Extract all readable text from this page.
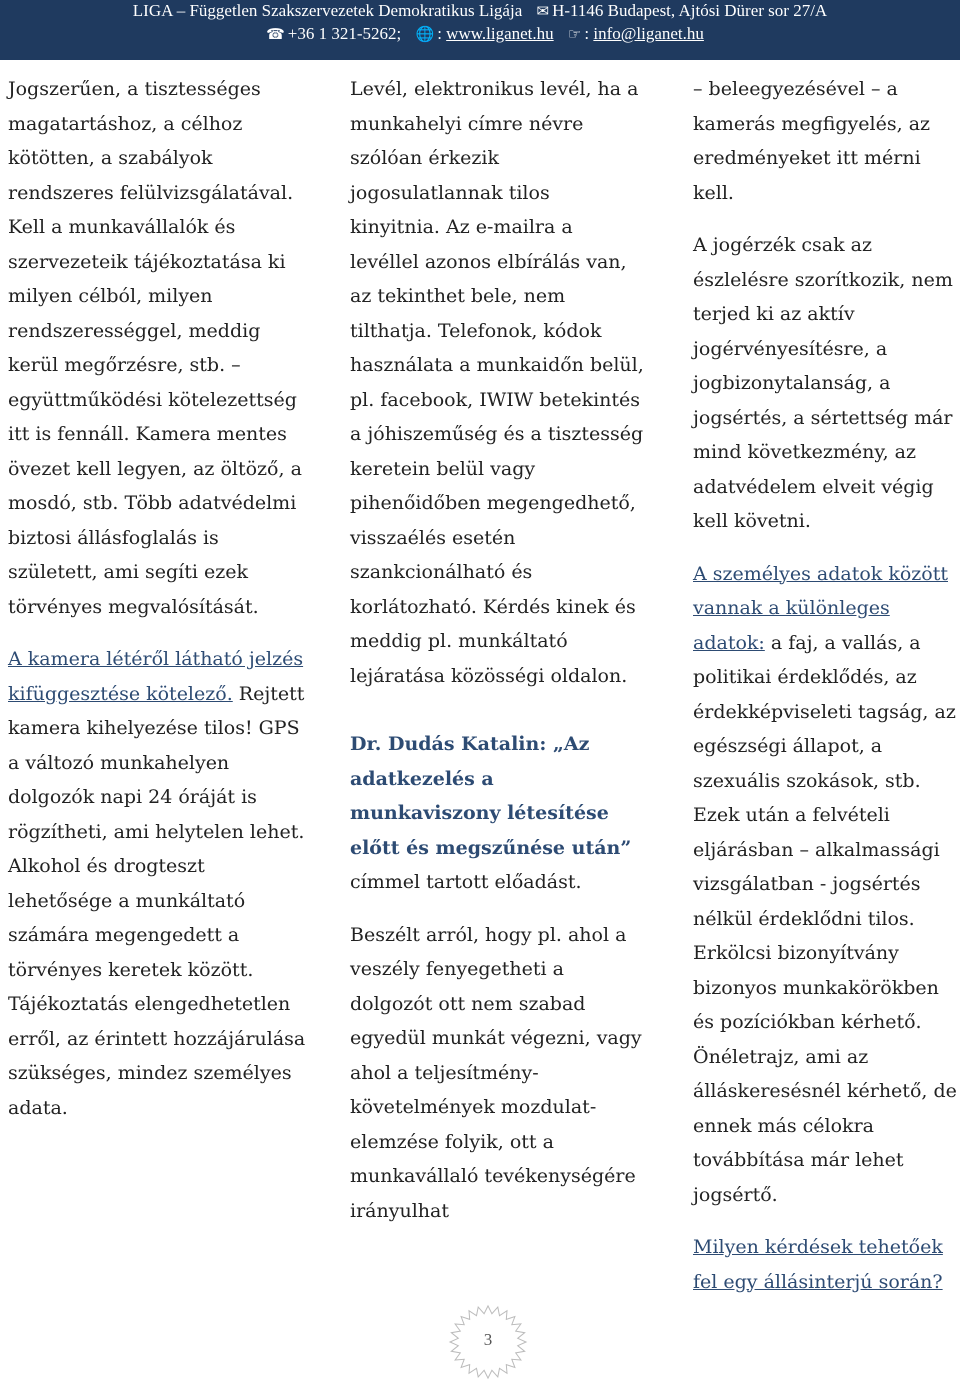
LIGA – Független Szakszervezetek Demokratikus Ligája ✉ H-1146 Budapest, Ajtósi Dürer sor 27/A
☎ +36 1 321-5262; 🌐 : www.liganet.hu ☞ : info@liganet.hu

Jogszerűen, a tisztességes magatartáshoz, a célhoz kötötten, a szabályok rendszeres felülvizsgálatával. Kell a munkavállalók és szervezeteik tájékoztatása ki milyen célból, milyen rendszerességgel, meddig kerül megőrzésre, stb. – együttműködési kötelezettség itt is fennáll. Kamera mentes övezet kell legyen, az öltöző, a mosdó, stb. Több adatvédelmi biztosi állásfoglalás is született, ami segíti ezek törvényes megvalósítását.

A kamera létéről látható jelzés kifüggesztése kötelező. Rejtett kamera kihelyezése tilos! GPS a változó munkahelyen dolgozók napi 24 óráját is rögzítheti, ami helytelen lehet. Alkohol és drogteszt lehetősége a munkáltató számára megengedett a törvényes keretek között. Tájékoztatás elengedhetetlen erről, az érintett hozzájárulása szükséges, mindez személyes adata.

Levél, elektronikus levél, ha a munkahelyi címre névre szólóan érkezik jogosulatlannak tilos kinyitnia. Az e-mailra a levéllel azonos elbírálás van, az tekinthet bele, nem tilthatja. Telefonok, kódok használata a munkaidőn belül, pl. facebook, IWIW betekintés a jóhiszeműség és a tisztesség keretein belül vagy pihenőidőben megengedhető, visszaélés esetén szankcionálható és korlátozható. Kérdés kinek és meddig pl. munkáltató lejáratása közösségi oldalon.

Dr. Dudás Katalin: „Az adatkezelés a munkaviszony létesítése előtt és megszűnése után” címmel tartott előadást.

Beszélt arról, hogy pl. ahol a veszély fenyegetheti a dolgozót ott nem szabad egyedül munkát végezni, vagy ahol a teljesítmény-követelmények mozdulat-elemzése folyik, ott a munkavállaló tevékenységére irányulhat

– beleegyezésével – a kamerás megfigyelés, az eredményeket itt mérni kell.

A jogérzék csak az észlelésre szorítkozik, nem terjed ki az aktív jogérvényesítésre, a jogbizonytalanság, a jogsértés, a sértettség már mind következmény, az adatvédelem elveit végig kell követni.

A személyes adatok között vannak a különleges adatok: a faj, a vallás, a politikai érdeklődés, az érdekképviseleti tagság, az egészségi állapot, a szexuális szokások, stb. Ezek után a felvételi eljárásban – alkalmassági vizsgálatban - jogsértés nélkül érdeklődni tilos. Erkölcsi bizonyítvány bizonyos munkakörökben és pozíciókban kérhető. Önéletrajz, ami az álláskeresésnél kérhető, de ennek más célokra továbbítása már lehet jogsértő.

Milyen kérdések tehetőek fel egy állásinterjú során?

3
